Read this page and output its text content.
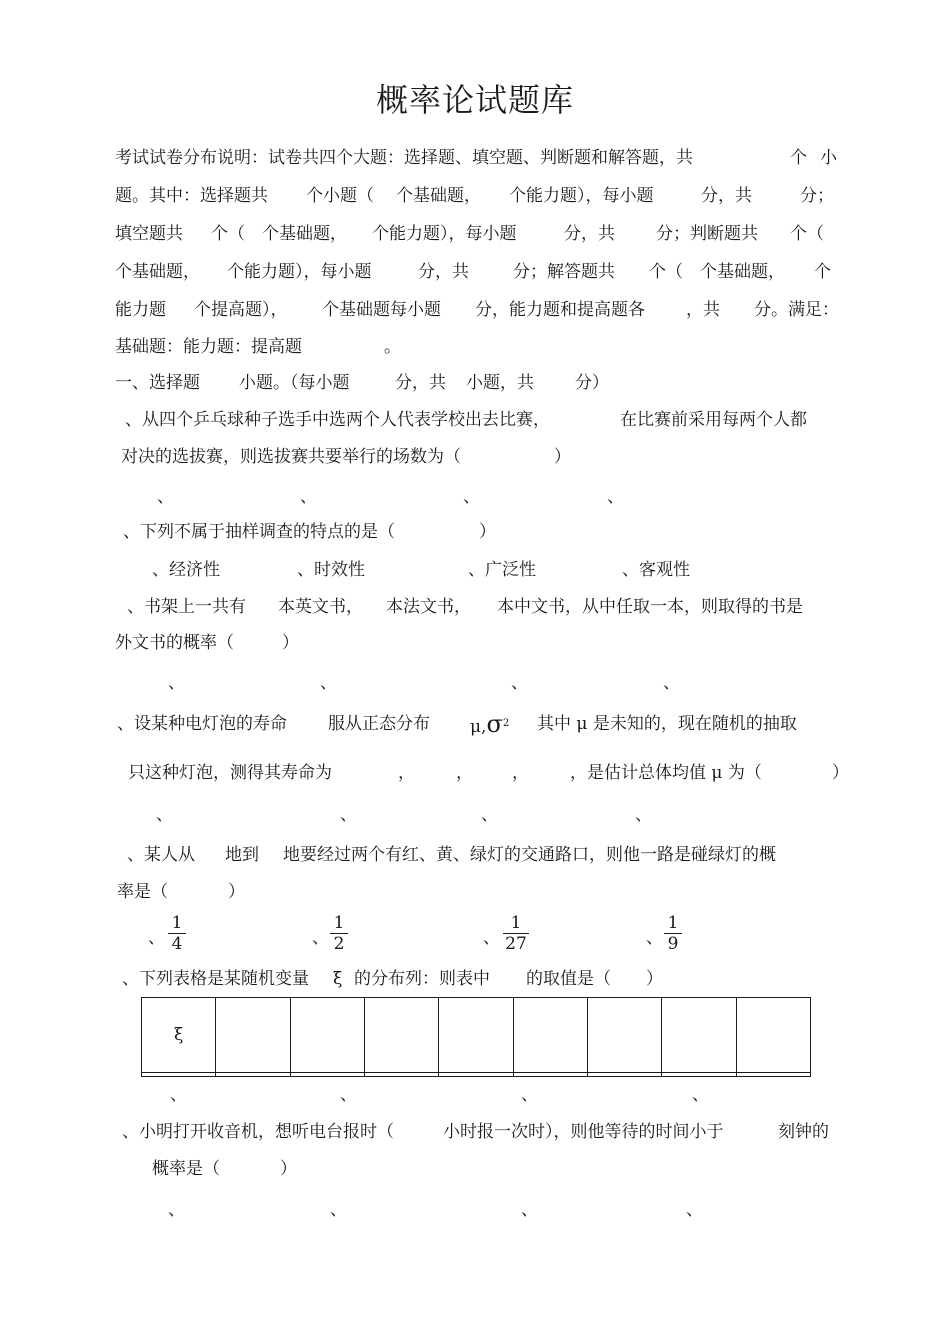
概率论试题库
考试试卷分布说明：试卷共四个大题：选择题、填空题、判断题和解答题，共	个 小
题。其中：选择题共 个小题（ 个基础题， 个能力题），每小题	分，共	分；
填空题共 个（ 个基础题， 个能力题），每小题	分，共 分；判断题共 个（
个基础题， 个能力题），每小题	分，共	分；解答题共 个（ 个基础题， 个
能力题 个提高题）， 个基础题每小题 分，能力题和提高题各 ，共 分。满足：
基础题：能力题：提高题	。
一、选择题 小题。（每小题	分，共 小题，共 分）
、从四个乒乓球种子选手中选两个人代表学校出去比赛，	在比赛前采用每两个人都
对决的选拔赛，则选拔赛共要举行的场数为（	）
、	、	、	、
、下列不属于抽样调查的特点的是（	）
、经济性	、时效性	、广泛性	、客观性
、书架上一共有 本英文书， 本法文书， 本中文书，从中任取一本，则取得的书是
外文书的概率（	）
、	、	、	、
、设某种电灯泡的寿命 服从正态分布 $\mu,\sigma^2$ 其中 μ 是未知的，现在随机的抽取
只这种灯泡，测得其寿命为	， ， ， ，是估计总体均值 μ 为（	）
、	、	、	、
、某人从 地到 地要经过两个有红、黄、绿灯的交通路口，则他一路是碰绿灯的概
率是（	）
、 $\frac{1}{4}$	、 $\frac{1}{2}$	、 $\frac{1}{27}$	、 $\frac{1}{9}$
、下列表格是某随机变量 ξ 的分布列：则表中 的取值是（ ）
ξ								

、	、	、	、
、小明打开收音机，想听电台报时（	小时报一次时），则他等待的时间小于	刻钟的
概率是（	）
、	、	、	、
